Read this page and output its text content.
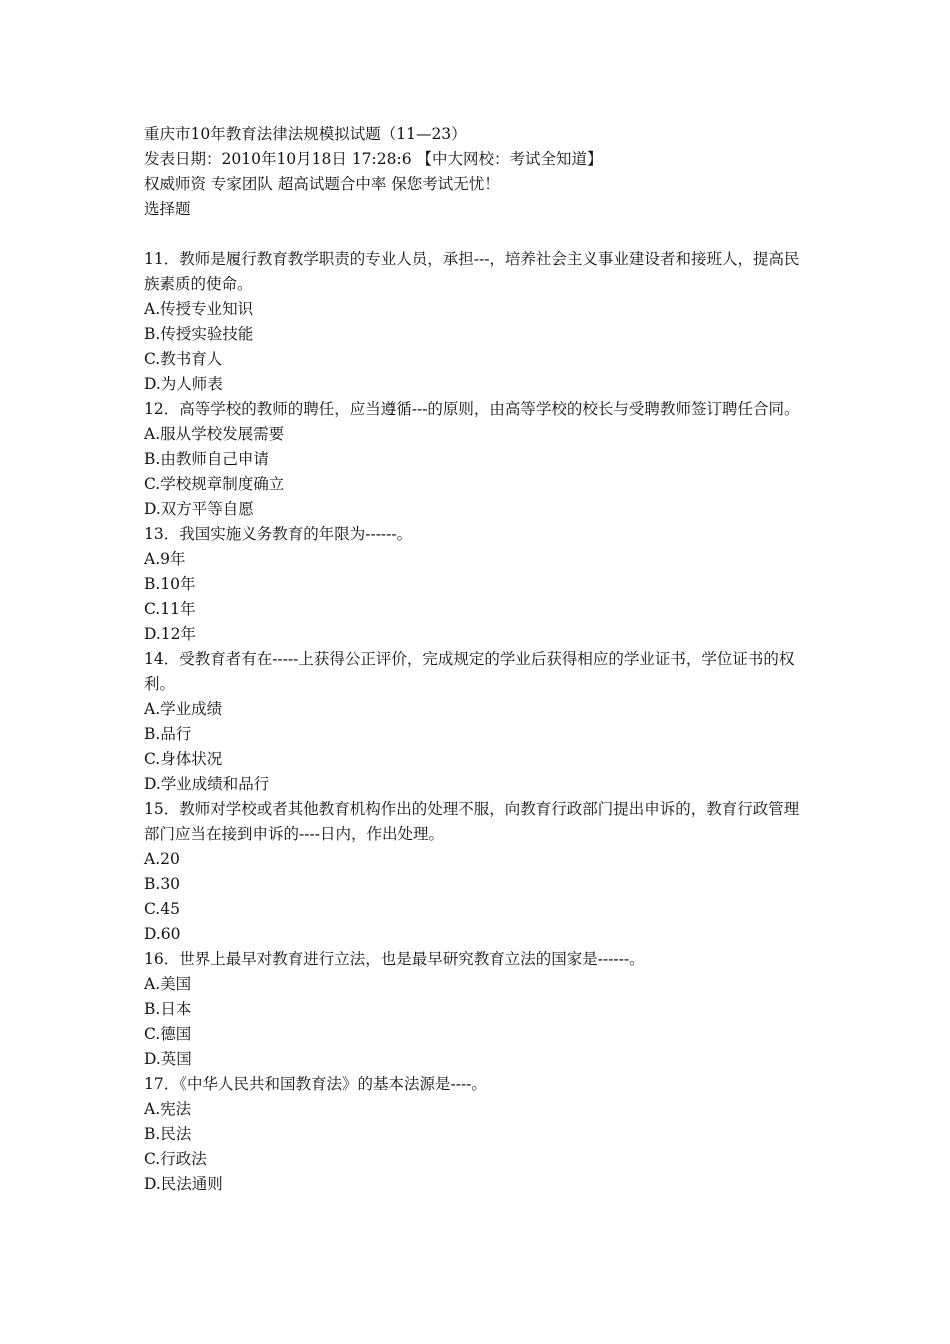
重庆市10年教育法律法规模拟试题（11—23）

发表日期：2010年10月18日 17:28:6 【中大网校：考试全知道】

权威师资 专家团队 超高试题合中率 保您考试无忧！

选择题

11．教师是履行教育教学职责的专业人员，承担---，培养社会主义事业建设者和接班人，提高民族素质的使命。

A.传授专业知识

B.传授实验技能

C.教书育人

D.为人师表

12．高等学校的教师的聘任，应当遵循---的原则，由高等学校的校长与受聘教师签订聘任合同。

A.服从学校发展需要

B.由教师自己申请

C.学校规章制度确立

D.双方平等自愿

13．我国实施义务教育的年限为------。

A.9年

B.10年

C.11年

D.12年

14．受教育者有在-----上获得公正评价，完成规定的学业后获得相应的学业证书，学位证书的权利。

A.学业成绩

B.品行

C.身体状况

D.学业成绩和品行

15．教师对学校或者其他教育机构作出的处理不服，向教育行政部门提出申诉的，教育行政管理部门应当在接到申诉的----日内，作出处理。

A.20

B.30

C.45

D.60

16．世界上最早对教育进行立法，也是最早研究教育立法的国家是------。

A.美国

B.日本

C.德国

D.英国

17．《中华人民共和国教育法》的基本法源是----。

A.宪法

B.民法

C.行政法

D.民法通则
